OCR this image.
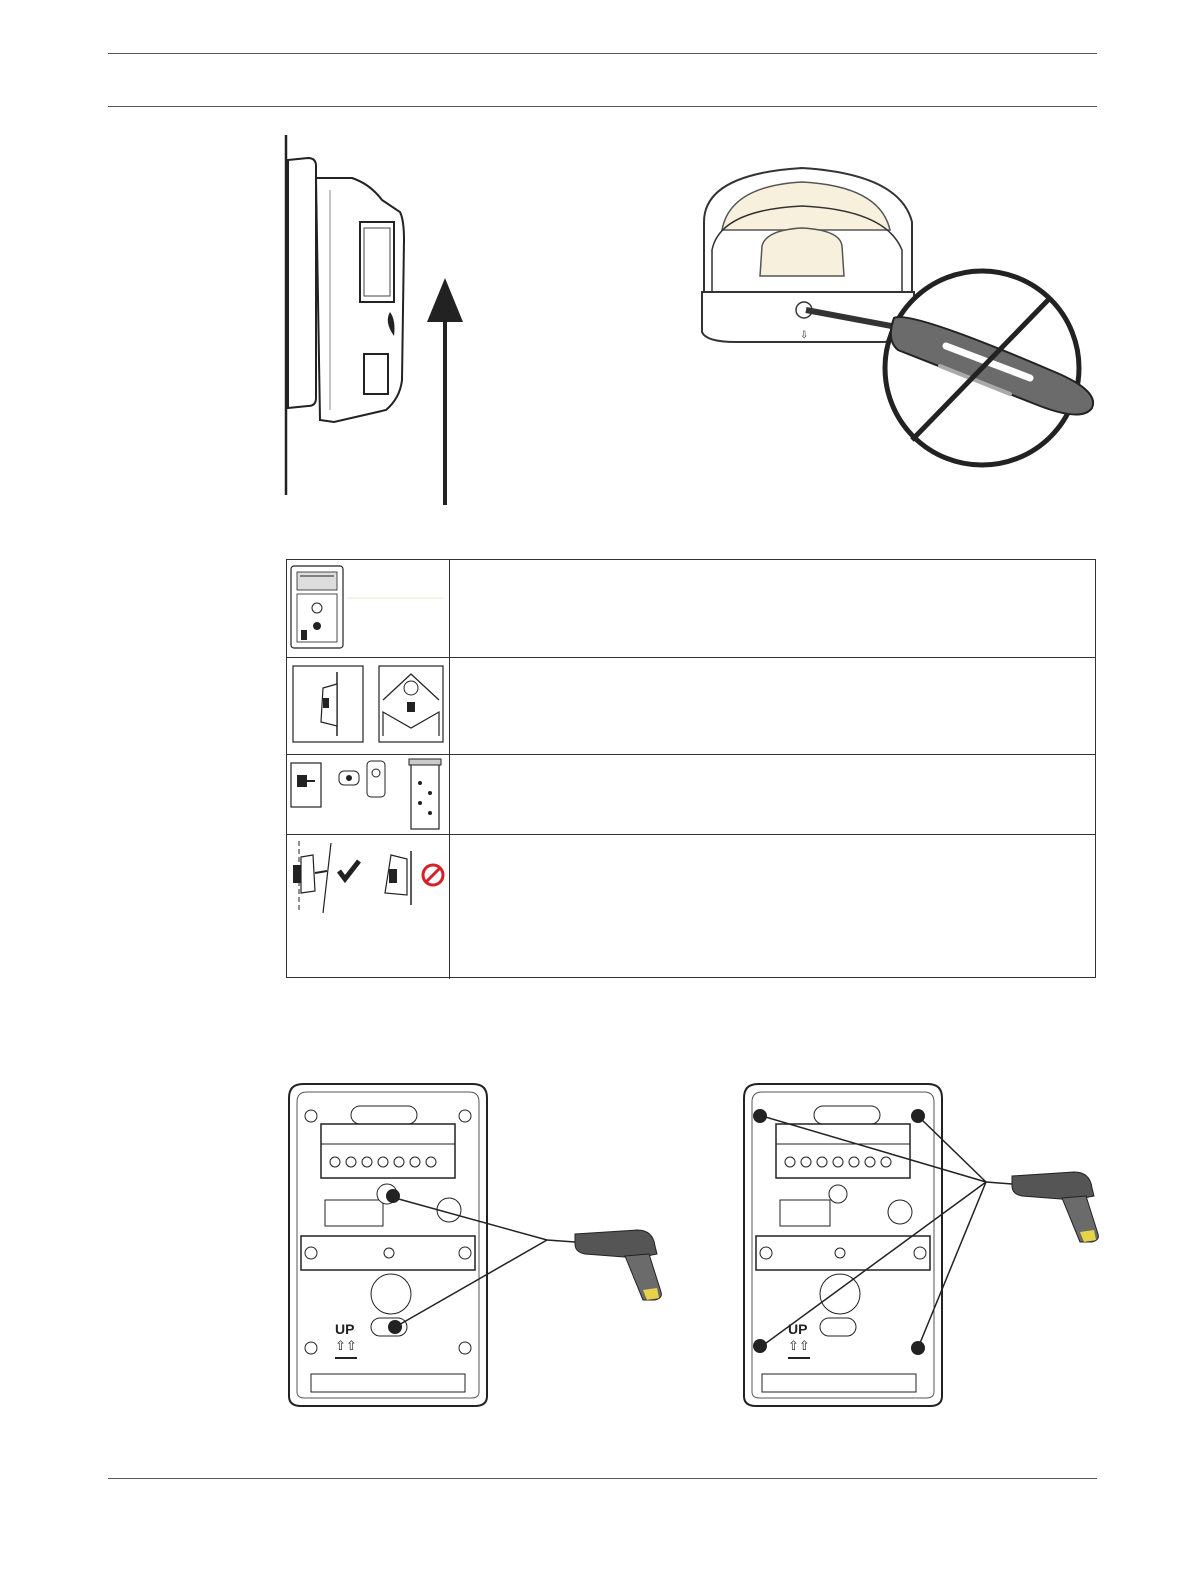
⇩
UP
⇧⇧
UP
⇧⇧
